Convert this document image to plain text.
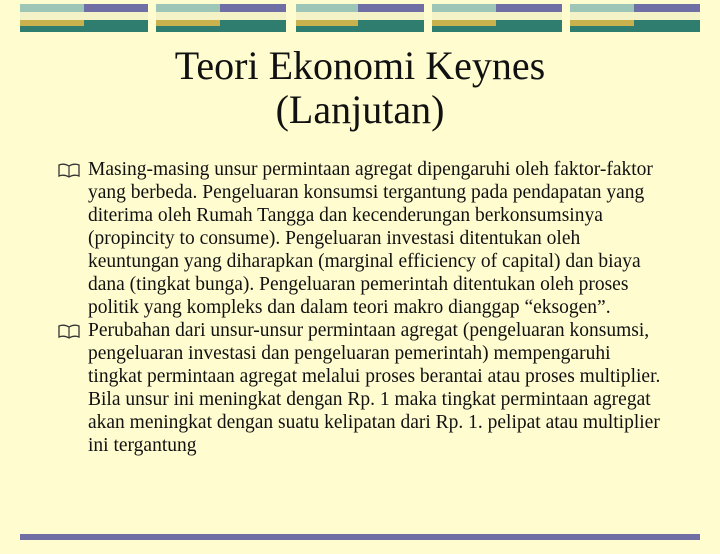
Teori Ekonomi Keynes
(Lanjutan)
Masing-masing unsur permintaan agregat dipengaruhi oleh faktor-faktor yang berbeda. Pengeluaran konsumsi tergantung pada pendapatan yang diterima oleh Rumah Tangga dan kecenderungan berkonsumsinya (propincity to consume). Pengeluaran investasi ditentukan oleh keuntungan yang diharapkan (marginal efficiency of capital) dan biaya dana (tingkat bunga). Pengeluaran pemerintah ditentukan oleh proses politik yang kompleks dan dalam teori makro dianggap “eksogen”.
Perubahan dari unsur-unsur permintaan agregat (pengeluaran konsumsi, pengeluaran investasi dan pengeluaran pemerintah) mempengaruhi tingkat permintaan agregat melalui proses berantai atau proses multiplier. Bila unsur ini meningkat dengan Rp. 1 maka tingkat permintaan agregat akan meningkat dengan suatu kelipatan dari Rp. 1. pelipat atau multiplier ini tergantung
